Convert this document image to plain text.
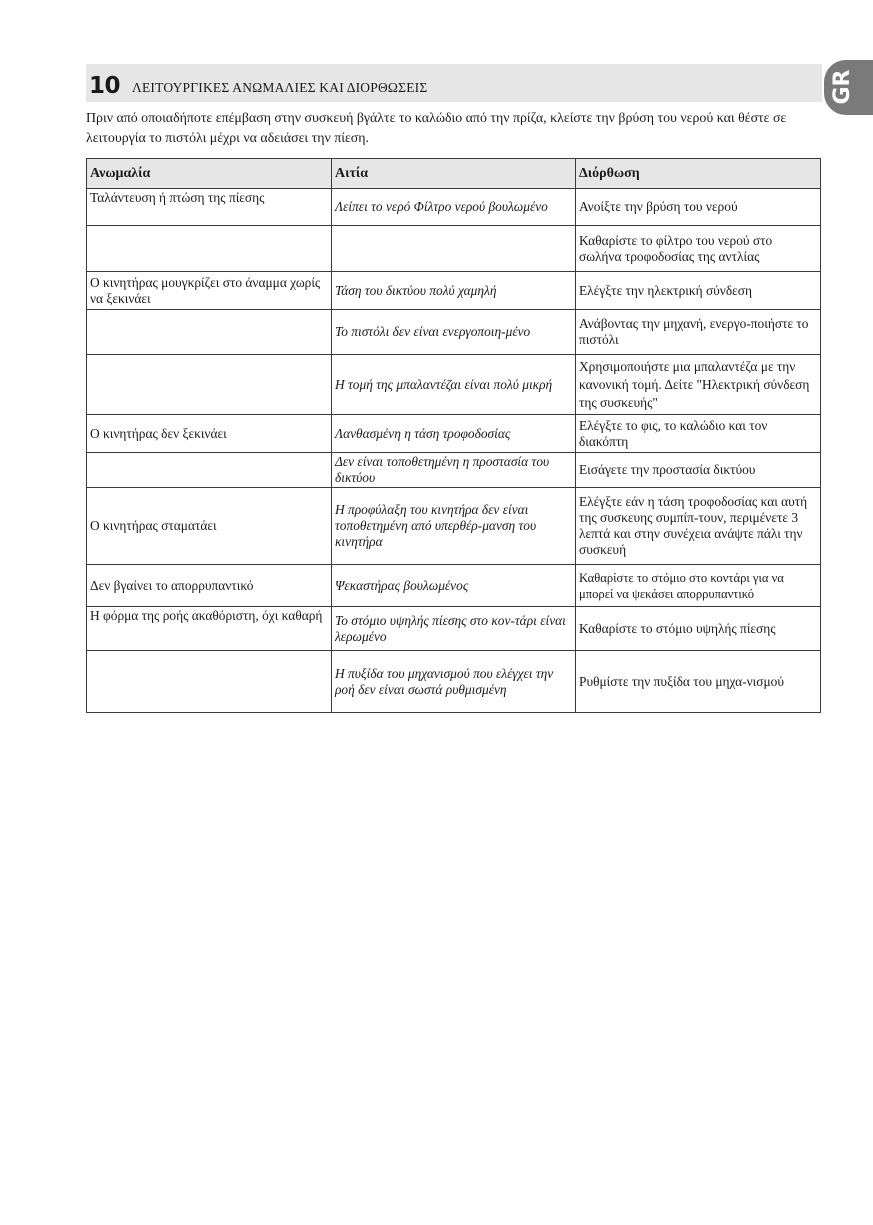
10 ΛΕΙΤΟΥΡΓΙΚΕΣ ΑΝΩΜΑΛΙΕΣ ΚΑΙ ΔΙΟΡΘΩΣΕΙΣ	GR

Πριν από οποιαδήποτε επέμβαση στην συσκευή βγάλτε το καλώδιο από την πρίζα, κλείστε την βρύση του νερού και θέστε σε λειτουργία το πιστόλι μέχρι να αδειάσει την πίεση.

Ανωμαλία	Αιτία	Διόρθωση
Ταλάντευση ή πτώση της πίεσης	Λείπει το νερό Φίλτρο νερού βουλωμένο	Ανοίξτε την βρύση του νερού
		Καθαρίστε το φίλτρο του νερού στο σωλήνα τροφοδοσίας της αντλίας
Ο κινητήρας μουγκρίζει στο άναμμα χωρίς να ξεκινάει	Τάση του δικτύου πολύ χαμηλή	Ελέγξτε την ηλεκτρική σύνδεση
	Το πιστόλι δεν είναι ενεργοποιη-μένο	Ανάβοντας την μηχανή, ενεργο-ποιήστε το πιστόλι
	Η τομή της μπαλαντέζαι είναι πολύ μικρή	Χρησιμοποιήστε μια μπαλαντέζα με την κανονική τομή. Δείτε "Ηλεκτρική σύνδεση της συσκευής"
Ο κινητήρας δεν ξεκινάει	Λανθασμένη η τάση τροφοδοσίας	Ελέγξτε το φις, το καλώδιο και τον διακόπτη
	Δεν είναι τοποθετημένη η προστασία του δικτύου	Εισάγετε την προστασία δικτύου
Ο κινητήρας σταματάει	Η προφύλαξη του κινητήρα δεν είναι τοποθετημένη από υπερθέρ-μανση του κινητήρα	Ελέγξτε εάν η τάση τροφοδοσίας και αυτή της συσκευης συμπίπ-τουν, περιμένετε 3 λεπτά και στην συνέχεια ανάψτε πάλι την συσκευή
Δεν βγαίνει το απορρυπαντικό	Ψεκαστήρας βουλωμένος	Καθαρίστε το στόμιο στο κοντάρι για να μπορεί να ψεκάσει απορρυπαντικό
Η φόρμα της ροής ακαθόριστη, όχι καθαρή	Το στόμιο υψηλής πίεσης στο κον-τάρι είναι λερωμένο	Καθαρίστε το στόμιο υψηλής πίεσης
	Η πυξίδα του μηχανισμού που ελέγχει την ροή δεν είναι σωστά ρυθμισμένη	Ρυθμίστε την πυξίδα του μηχα-νισμού
